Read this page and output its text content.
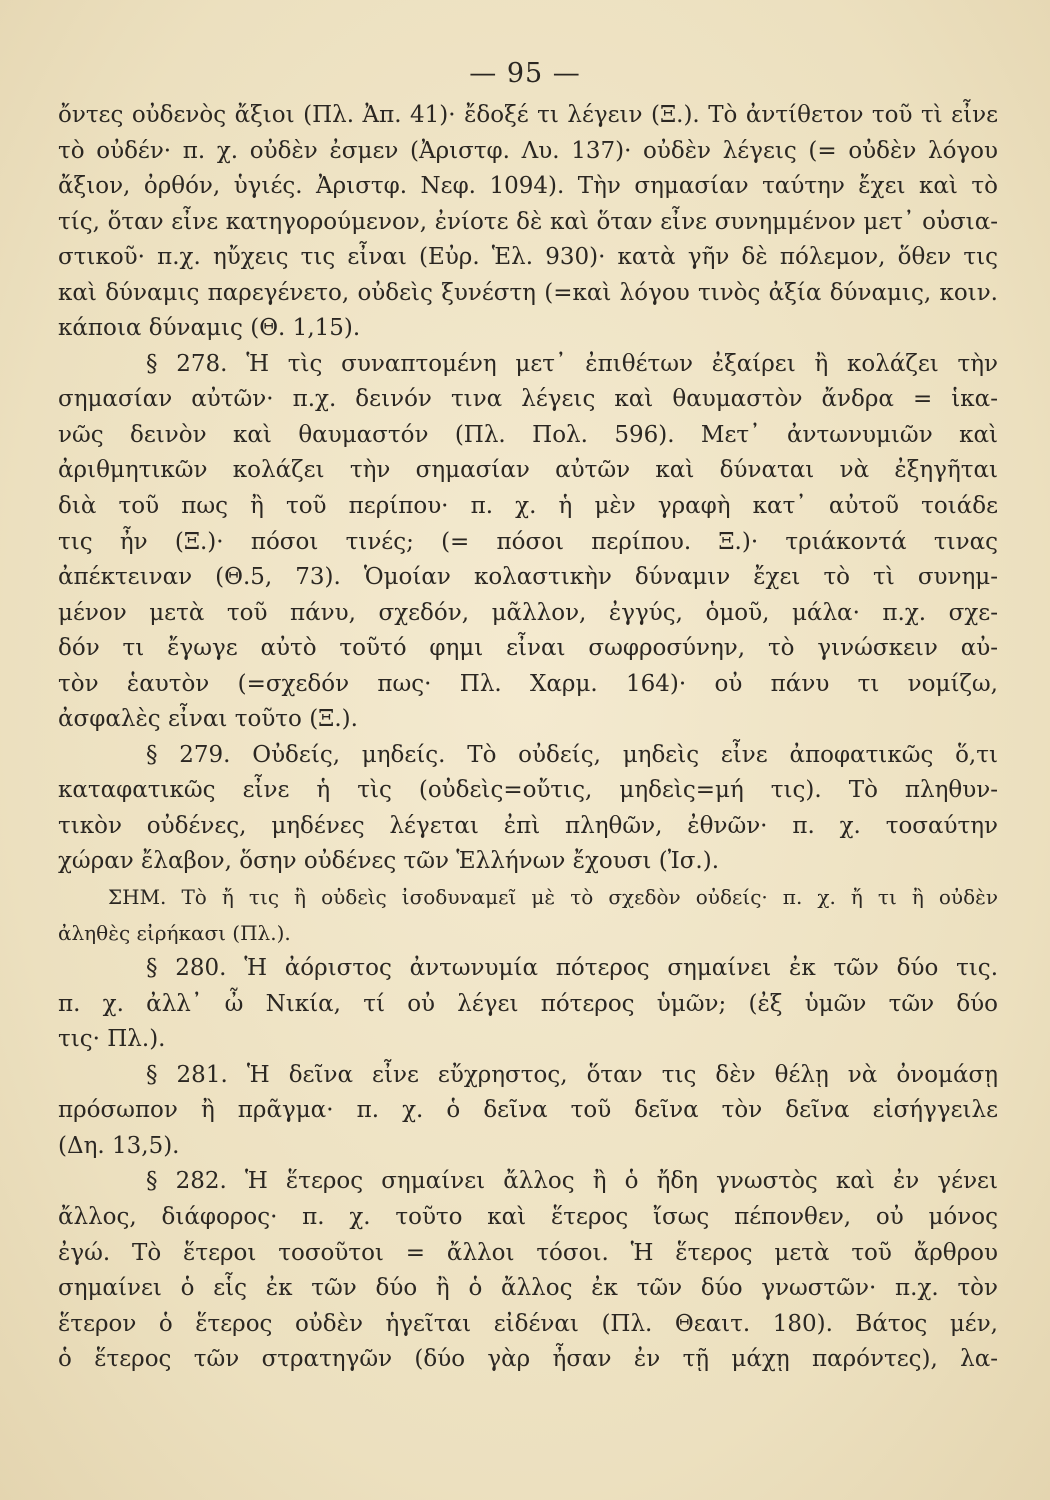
— 95 —
ὄντες οὐδενὸς ἄξιοι (Πλ. Ἀπ. 41)· ἔδοξέ τι λέγειν (Ξ.). Τὸ ἀντίθετον τοῦ τὶ εἶνε
τὸ οὐδέν· π. χ. οὐδὲν ἐσμεν (Ἀριστφ. Λυ. 137)· οὐδὲν λέγεις (= οὐδὲν λόγου
ἄξιον, ὀρθόν, ὑγιές. Ἀριστφ. Νεφ. 1094). Τὴν σημασίαν ταύτην ἔχει καὶ τὸ
τίς, ὅταν εἶνε κατηγορούμενον, ἐνίοτε δὲ καὶ ὅταν εἶνε συνημμένον μετ᾽ οὐσια-
στικοῦ· π.χ. ηὔχεις τις εἶναι (Εὐρ. Ἑλ. 930)· κατὰ γῆν δὲ πόλεμον, ὅθεν τις
καὶ δύναμις παρεγένετο, οὐδεὶς ξυνέστη (=καὶ λόγου τινὸς ἀξία δύναμις, κοιν.
κάποια δύναμις (Θ. 1,15).
§ 278. Ἡ τὶς συναπτομένη μετ᾽ ἐπιθέτων ἐξαίρει ἢ κολάζει τὴν
σημασίαν αὐτῶν· π.χ. δεινόν τινα λέγεις καὶ θαυμαστὸν ἄνδρα = ἱκα-
νῶς δεινὸν καὶ θαυμαστόν (Πλ. Πολ. 596). Μετ᾽ ἀντωνυμιῶν καὶ
ἀριθμητικῶν κολάζει τὴν σημασίαν αὐτῶν καὶ δύναται νὰ ἐξηγῆται
διὰ τοῦ πως ἢ τοῦ περίπου· π. χ. ἡ μὲν γραφὴ κατ᾽ αὐτοῦ τοιάδε
τις ἦν (Ξ.)· πόσοι τινές; (= πόσοι περίπου. Ξ.)· τριάκοντά τινας
ἀπέκτειναν (Θ.5, 73). Ὁμοίαν κολαστικὴν δύναμιν ἔχει τὸ τὶ συνημ-
μένον μετὰ τοῦ πάνυ, σχεδόν, μᾶλλον, ἐγγύς, ὁμοῦ, μάλα· π.χ. σχε-
δόν τι ἔγωγε αὐτὸ τοῦτό φημι εἶναι σωφροσύνην, τὸ γινώσκειν αὐ-
τὸν ἑαυτὸν (=σχεδόν πως· Πλ. Χαρμ. 164)· οὐ πάνυ τι νομίζω,
ἀσφαλὲς εἶναι τοῦτο (Ξ.).
§ 279. Οὐδείς, μηδείς. Τὸ οὐδείς, μηδεὶς εἶνε ἀποφατικῶς ὅ,τι
καταφατικῶς εἶνε ἡ τὶς (οὐδεὶς=οὔτις, μηδεὶς=μή τις). Τὸ πληθυν-
τικὸν οὐδένες, μηδένες λέγεται ἐπὶ πληθῶν, ἐθνῶν· π. χ. τοσαύτην
χώραν ἔλαβον, ὅσην οὐδένες τῶν Ἑλλήνων ἔχουσι (Ἰσ.).
ΣΗΜ. Τὸ ἤ τις ἢ οὐδεὶς ἰσοδυναμεῖ μὲ τὸ σχεδὸν οὐδείς· π. χ. ἤ τι ἢ οὐδὲν
ἀληθὲς εἰρήκασι (Πλ.).
§ 280. Ἡ ἀόριστος ἀντωνυμία πότερος σημαίνει ἐκ τῶν δύο τις.
π. χ. ἀλλ᾽ ὦ Νικία, τί οὐ λέγει πότερος ὑμῶν; (ἐξ ὑμῶν τῶν δύο
τις· Πλ.).
§ 281. Ἡ δεῖνα εἶνε εὔχρηστος, ὅταν τις δὲν θέλῃ νὰ ὀνομάσῃ
πρόσωπον ἢ πρᾶγμα· π. χ. ὁ δεῖνα τοῦ δεῖνα τὸν δεῖνα εἰσήγγειλε
(Δη. 13,5).
§ 282. Ἡ ἕτερος σημαίνει ἄλλος ἢ ὁ ἤδη γνωστὸς καὶ ἐν γένει
ἄλλος, διάφορος· π. χ. τοῦτο καὶ ἕτερος ἴσως πέπονθεν, οὐ μόνος
ἐγώ. Τὸ ἕτεροι τοσοῦτοι = ἄλλοι τόσοι. Ἡ ἕτερος μετὰ τοῦ ἄρθρου
σημαίνει ὁ εἷς ἐκ τῶν δύο ἢ ὁ ἄλλος ἐκ τῶν δύο γνωστῶν· π.χ. τὸν
ἕτερον ὁ ἕτερος οὐδὲν ἡγεῖται εἰδέναι (Πλ. Θεαιτ. 180). Βάτος μέν,
ὁ ἕτερος τῶν στρατηγῶν (δύο γὰρ ἦσαν ἐν τῇ μάχῃ παρόντες), λα-
